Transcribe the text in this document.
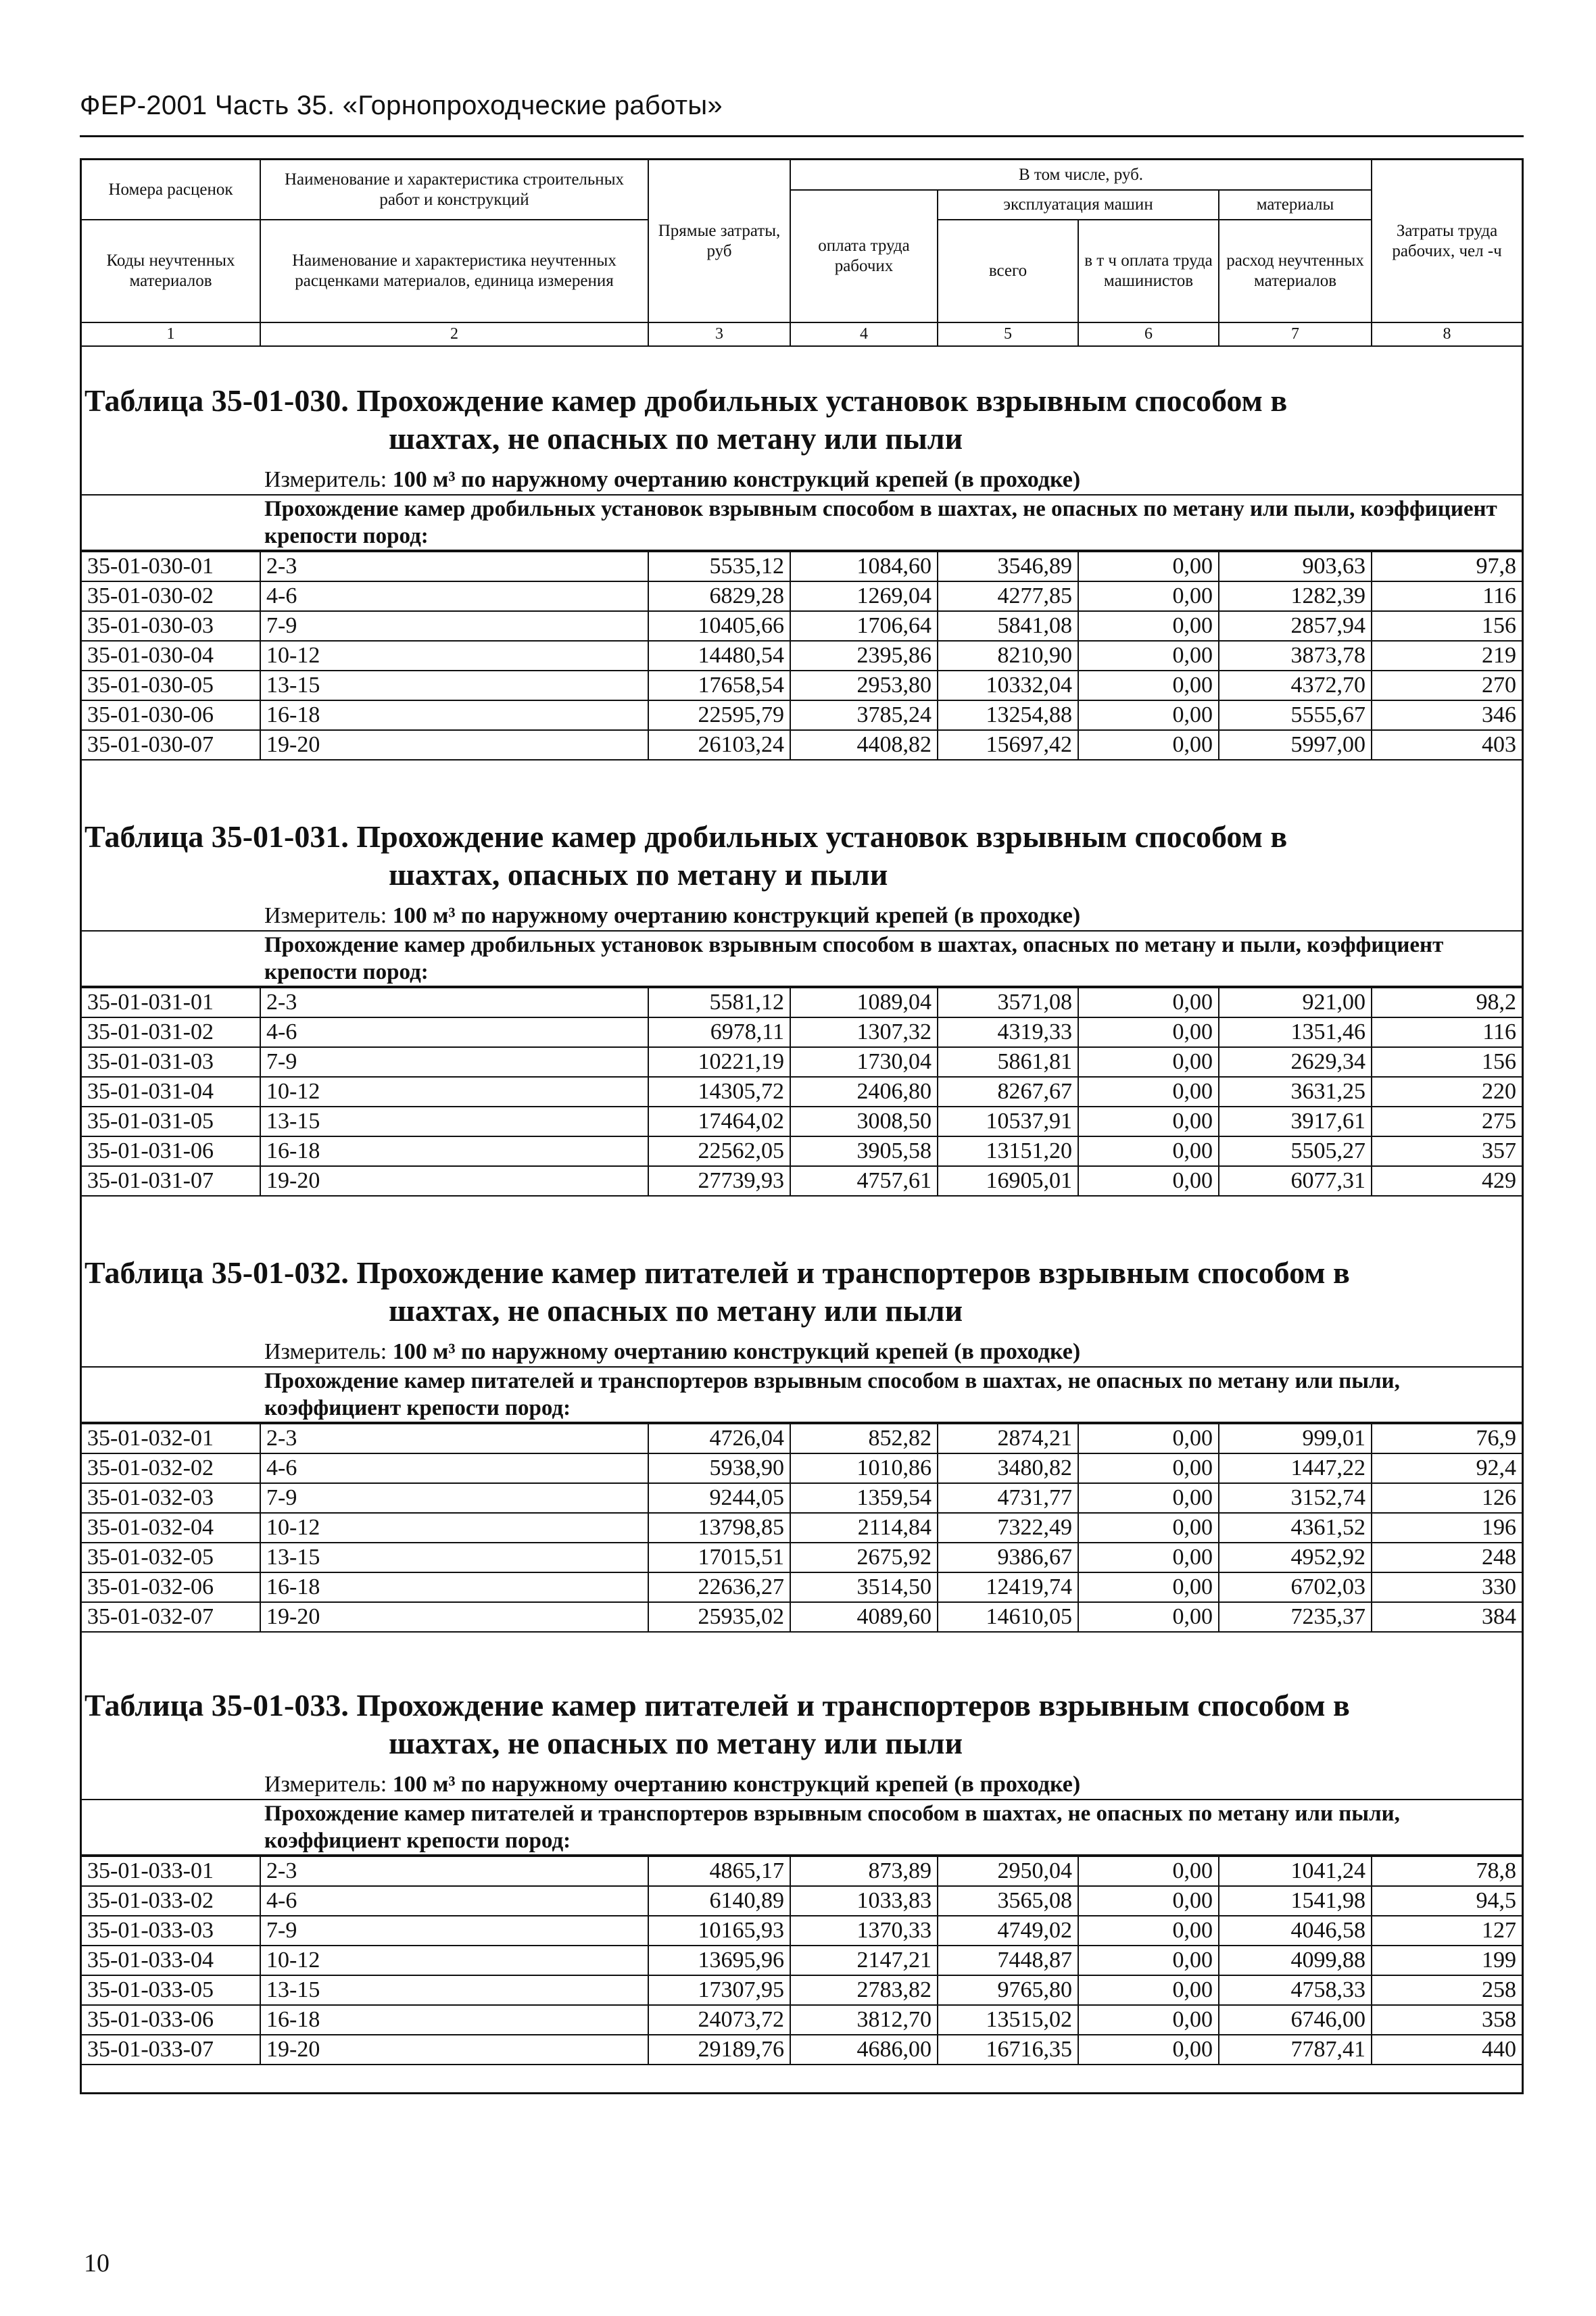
ФЕР-2001 Часть 35. «Горнопроходческие работы»
Номера расценок	Наименование и характеристика строительных работ и конструкций	Прямые затраты, руб	В том числе, руб.				Затраты труда рабочих, чел -ч
			оплата труда рабочих	эксплуатация машин		материалы	
Коды неучтенных материалов	Наименование и характеристика неучтенных расценками материалов, единица измерения			всего	в т ч оплата труда машинистов	расход неучтенных материалов	

1	2	3	4	5	6	7	8
Таблица 35-01-030. Прохождение камер дробильных установок взрывным способом в
шахтах, не опасных по метану или пыли
Измеритель: 100 м³ по наружному очертанию конструкций крепей (в проходке)
Прохождение камер дробильных установок взрывным способом в шахтах, не опасных по метану или пыли, коэффициент крепости пород:
35-01-030-01	2-3	5535,12	1084,60	3546,89	0,00	903,63	97,8
35-01-030-02	4-6	6829,28	1269,04	4277,85	0,00	1282,39	116
35-01-030-03	7-9	10405,66	1706,64	5841,08	0,00	2857,94	156
35-01-030-04	10-12	14480,54	2395,86	8210,90	0,00	3873,78	219
35-01-030-05	13-15	17658,54	2953,80	10332,04	0,00	4372,70	270
35-01-030-06	16-18	22595,79	3785,24	13254,88	0,00	5555,67	346
35-01-030-07	19-20	26103,24	4408,82	15697,42	0,00	5997,00	403
Таблица 35-01-031. Прохождение камер дробильных установок взрывным способом в
шахтах, опасных по метану и пыли
Измеритель: 100 м³ по наружному очертанию конструкций крепей (в проходке)
Прохождение камер дробильных установок взрывным способом в шахтах, опасных по метану и пыли, коэффициент крепости пород:
35-01-031-01	2-3	5581,12	1089,04	3571,08	0,00	921,00	98,2
35-01-031-02	4-6	6978,11	1307,32	4319,33	0,00	1351,46	116
35-01-031-03	7-9	10221,19	1730,04	5861,81	0,00	2629,34	156
35-01-031-04	10-12	14305,72	2406,80	8267,67	0,00	3631,25	220
35-01-031-05	13-15	17464,02	3008,50	10537,91	0,00	3917,61	275
35-01-031-06	16-18	22562,05	3905,58	13151,20	0,00	5505,27	357
35-01-031-07	19-20	27739,93	4757,61	16905,01	0,00	6077,31	429
Таблица 35-01-032. Прохождение камер питателей и транспортеров взрывным способом в
шахтах, не опасных по метану или пыли
Измеритель: 100 м³ по наружному очертанию конструкций крепей (в проходке)
Прохождение камер питателей и транспортеров взрывным способом в шахтах, не опасных по метану или пыли, коэффициент крепости пород:
35-01-032-01	2-3	4726,04	852,82	2874,21	0,00	999,01	76,9
35-01-032-02	4-6	5938,90	1010,86	3480,82	0,00	1447,22	92,4
35-01-032-03	7-9	9244,05	1359,54	4731,77	0,00	3152,74	126
35-01-032-04	10-12	13798,85	2114,84	7322,49	0,00	4361,52	196
35-01-032-05	13-15	17015,51	2675,92	9386,67	0,00	4952,92	248
35-01-032-06	16-18	22636,27	3514,50	12419,74	0,00	6702,03	330
35-01-032-07	19-20	25935,02	4089,60	14610,05	0,00	7235,37	384
Таблица 35-01-033. Прохождение камер питателей и транспортеров взрывным способом в
шахтах, не опасных по метану или пыли
Измеритель: 100 м³ по наружному очертанию конструкций крепей (в проходке)
Прохождение камер питателей и транспортеров взрывным способом в шахтах, не опасных по метану или пыли, коэффициент крепости пород:
35-01-033-01	2-3	4865,17	873,89	2950,04	0,00	1041,24	78,8
35-01-033-02	4-6	6140,89	1033,83	3565,08	0,00	1541,98	94,5
35-01-033-03	7-9	10165,93	1370,33	4749,02	0,00	4046,58	127
35-01-033-04	10-12	13695,96	2147,21	7448,87	0,00	4099,88	199
35-01-033-05	13-15	17307,95	2783,82	9765,80	0,00	4758,33	258
35-01-033-06	16-18	24073,72	3812,70	13515,02	0,00	6746,00	358
35-01-033-07	19-20	29189,76	4686,00	16716,35	0,00	7787,41	440
10
